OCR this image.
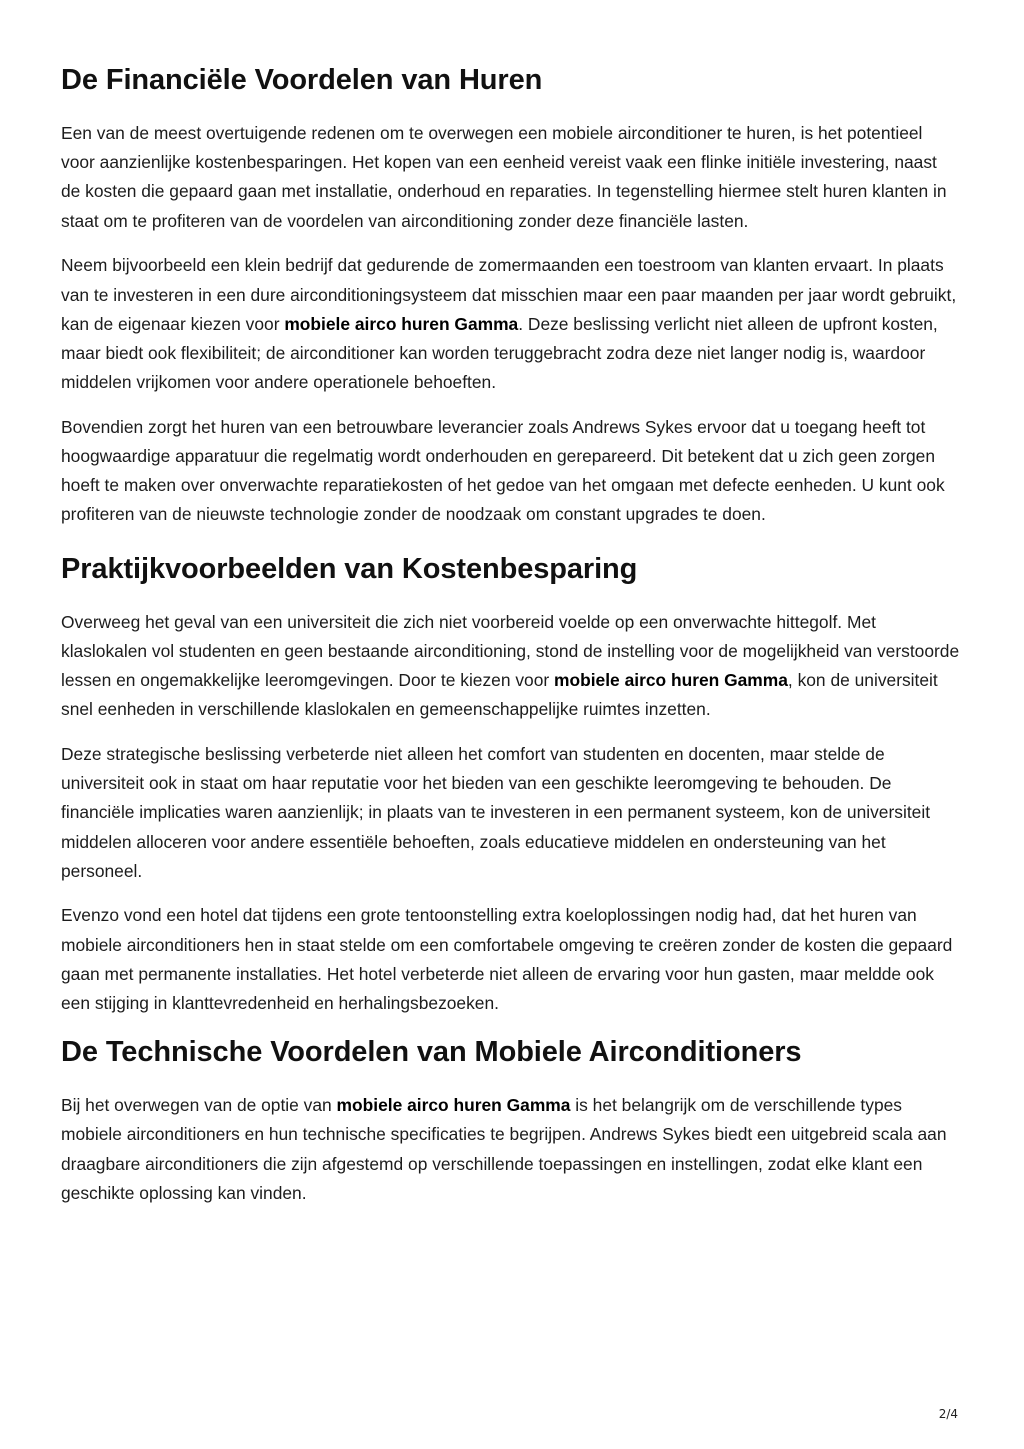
De Financiële Voordelen van Huren

Een van de meest overtuigende redenen om te overwegen een mobiele airconditioner te huren, is het potentieel voor aanzienlijke kostenbesparingen. Het kopen van een eenheid vereist vaak een flinke initiële investering, naast de kosten die gepaard gaan met installatie, onderhoud en reparaties. In tegenstelling hiermee stelt huren klanten in staat om te profiteren van de voordelen van airconditioning zonder deze financiële lasten.

Neem bijvoorbeeld een klein bedrijf dat gedurende de zomermaanden een toestroom van klanten ervaart. In plaats van te investeren in een dure airconditioningsysteem dat misschien maar een paar maanden per jaar wordt gebruikt, kan de eigenaar kiezen voor mobiele airco huren Gamma. Deze beslissing verlicht niet alleen de upfront kosten, maar biedt ook flexibiliteit; de airconditioner kan worden teruggebracht zodra deze niet langer nodig is, waardoor middelen vrijkomen voor andere operationele behoeften.

Bovendien zorgt het huren van een betrouwbare leverancier zoals Andrews Sykes ervoor dat u toegang heeft tot hoogwaardige apparatuur die regelmatig wordt onderhouden en gerepareerd. Dit betekent dat u zich geen zorgen hoeft te maken over onverwachte reparatiekosten of het gedoe van het omgaan met defecte eenheden. U kunt ook profiteren van de nieuwste technologie zonder de noodzaak om constant upgrades te doen.

Praktijkvoorbeelden van Kostenbesparing

Overweeg het geval van een universiteit die zich niet voorbereid voelde op een onverwachte hittegolf. Met klaslokalen vol studenten en geen bestaande airconditioning, stond de instelling voor de mogelijkheid van verstoorde lessen en ongemakkelijke leeromgevingen. Door te kiezen voor mobiele airco huren Gamma, kon de universiteit snel eenheden in verschillende klaslokalen en gemeenschappelijke ruimtes inzetten.

Deze strategische beslissing verbeterde niet alleen het comfort van studenten en docenten, maar stelde de universiteit ook in staat om haar reputatie voor het bieden van een geschikte leeromgeving te behouden. De financiële implicaties waren aanzienlijk; in plaats van te investeren in een permanent systeem, kon de universiteit middelen alloceren voor andere essentiële behoeften, zoals educatieve middelen en ondersteuning van het personeel.

Evenzo vond een hotel dat tijdens een grote tentoonstelling extra koeloplossingen nodig had, dat het huren van mobiele airconditioners hen in staat stelde om een comfortabele omgeving te creëren zonder de kosten die gepaard gaan met permanente installaties. Het hotel verbeterde niet alleen de ervaring voor hun gasten, maar meldde ook een stijging in klanttevredenheid en herhalingsbezoeken.

De Technische Voordelen van Mobiele Airconditioners

Bij het overwegen van de optie van mobiele airco huren Gamma is het belangrijk om de verschillende types mobiele airconditioners en hun technische specificaties te begrijpen. Andrews Sykes biedt een uitgebreid scala aan draagbare airconditioners die zijn afgestemd op verschillende toepassingen en instellingen, zodat elke klant een geschikte oplossing kan vinden.

2/4
